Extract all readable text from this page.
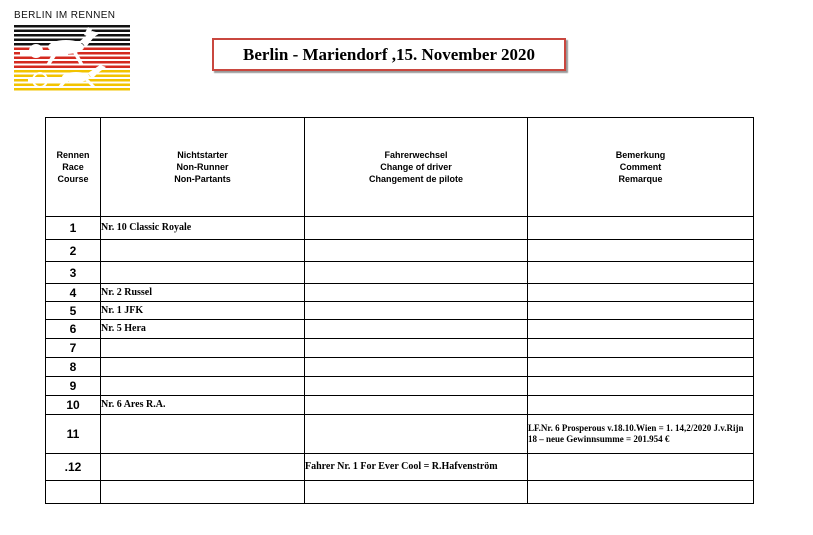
BERLIN IM RENNEN
Berlin - Mariendorf ,15. November 2020
Rennen
Race
Course	Nichtstarter
Non-Runner
Non-Partants	Fahrerwechsel
Change of driver
Changement de pilote	Bemerkung
Comment
Remarque

1	Nr. 10 Classic Royale		
2			
3			
4	Nr. 2 Russel		
5	Nr. 1 JFK		
6	Nr. 5 Hera		
7			
8			
9			
10	Nr. 6 Ares R.A.		
11			LF.Nr. 6 Prosperous v.18.10.Wien = 1. 14,2/2020 J.v.Rijn 18 – neue Gewinnsumme = 201.954 €
.12		Fahrer Nr. 1 For Ever Cool = R.Hafvenström	
